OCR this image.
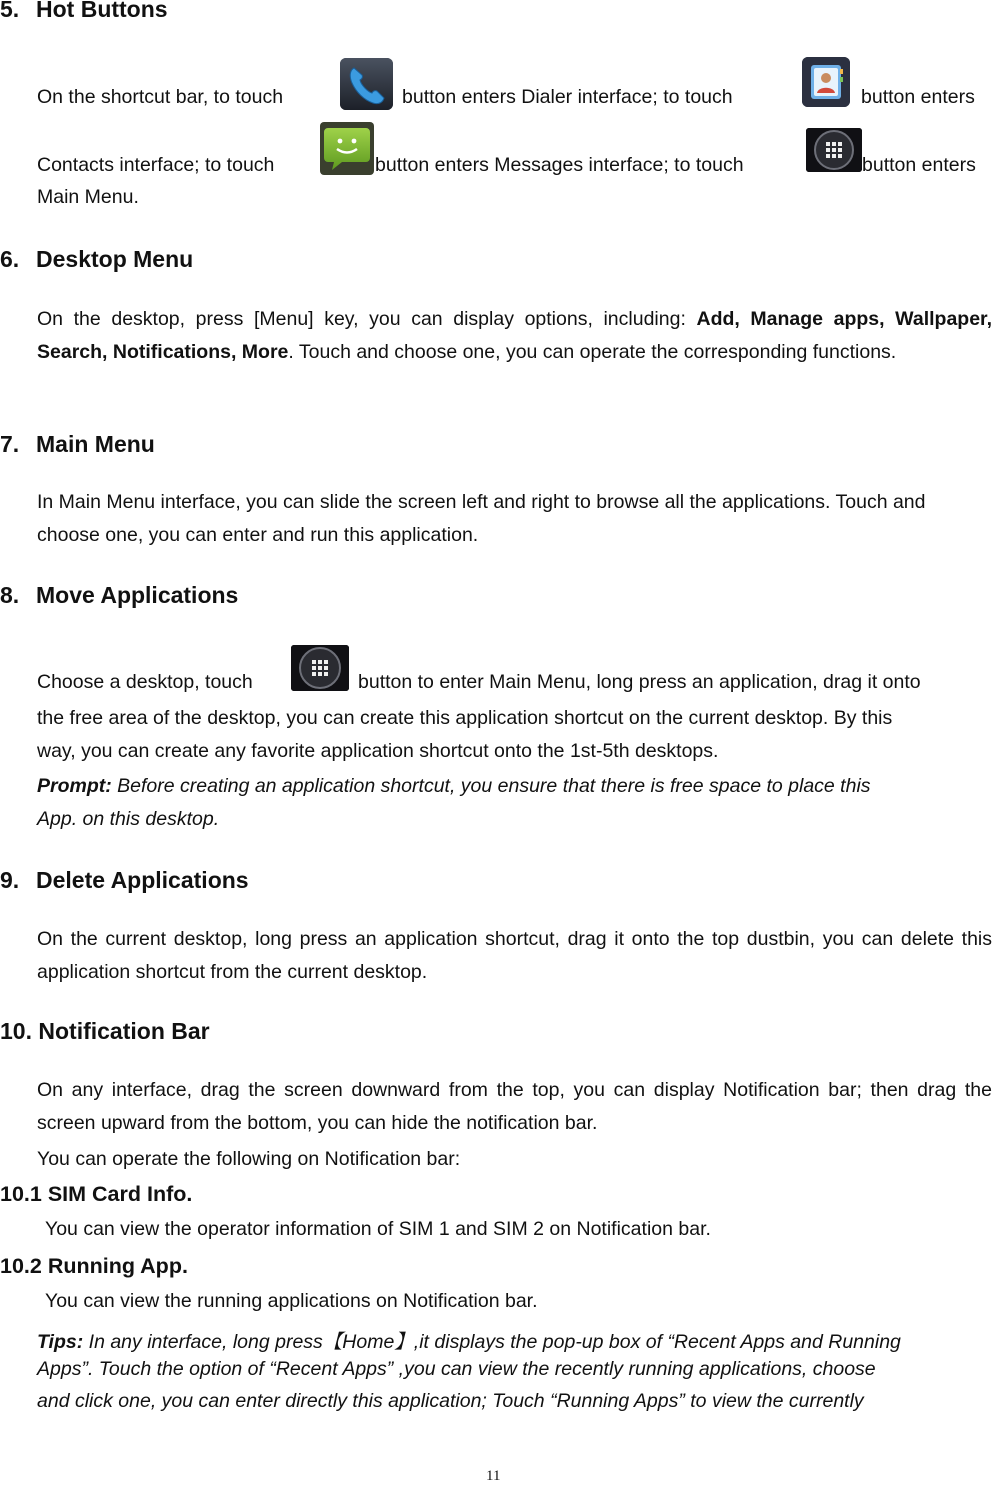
5. Hot Buttons
On the shortcut bar, to touch	button enters Dialer interface; to touch	button enters
Contacts interface; to touch	button enters Messages interface; to touch	button enters
Main Menu.
6. Desktop Menu
On the desktop, press [Menu] key, you can display options, including: Add, Manage apps, Wallpaper, Search, Notifications, More. Touch and choose one, you can operate the corresponding functions.
7. Main Menu
In Main Menu interface, you can slide the screen left and right to browse all the applications. Touch and choose one, you can enter and run this application.
8. Move Applications
Choose a desktop, touch	button to enter Main Menu, long press an application, drag it onto
the free area of the desktop, you can create this application shortcut on the current desktop. By this
way, you can create any favorite application shortcut onto the 1st-5th desktops.
Prompt: Before creating an application shortcut, you ensure that there is free space to place this
App. on this desktop.
9. Delete Applications
On the current desktop, long press an application shortcut, drag it onto the top dustbin, you can delete this application shortcut from the current desktop.
10. Notification Bar
On any interface, drag the screen downward from the top, you can display Notification bar; then drag the screen upward from the bottom, you can hide the notification bar.
You can operate the following on Notification bar:
10.1 SIM Card Info.
You can view the operator information of SIM 1 and SIM 2 on Notification bar.
10.2 Running App.
You can view the running applications on Notification bar.
Tips: In any interface, long press【Home】,it displays the pop-up box of “Recent Apps and Running
Apps”. Touch the option of “Recent Apps” ,you can view the recently running applications, choose
and click one, you can enter directly this application; Touch “Running Apps” to view the currently
11
